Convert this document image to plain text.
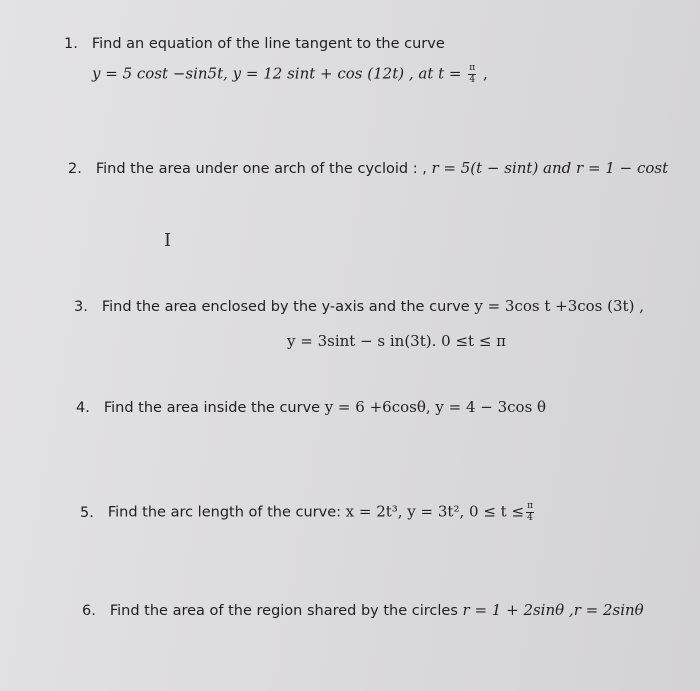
1. Find an equation of the line tangent to the curve
y = 5 cost −sin5t, y = 12 sint + cos (12t) , at $t = \frac{\pi}{4}$ ,
2. Find the area under one arch of the cycloid : , r = 5(t − sint) and r = 1 − cost
I
3. Find the area enclosed by the y-axis and the curve y = 3cos t +3cos (3t) ,
y = 3sint − s in(3t). 0 ≤t ≤ π
4. Find the area inside the curve y = 6 +6cosθ, y = 4 − 3cos θ
5. Find the arc length of the curve: x = 2t³, y = 3t², $0 \le t \le \frac{\pi}{4}$
6. Find the area of the region shared by the circles r = 1 + 2sinθ ,r = 2sinθ
